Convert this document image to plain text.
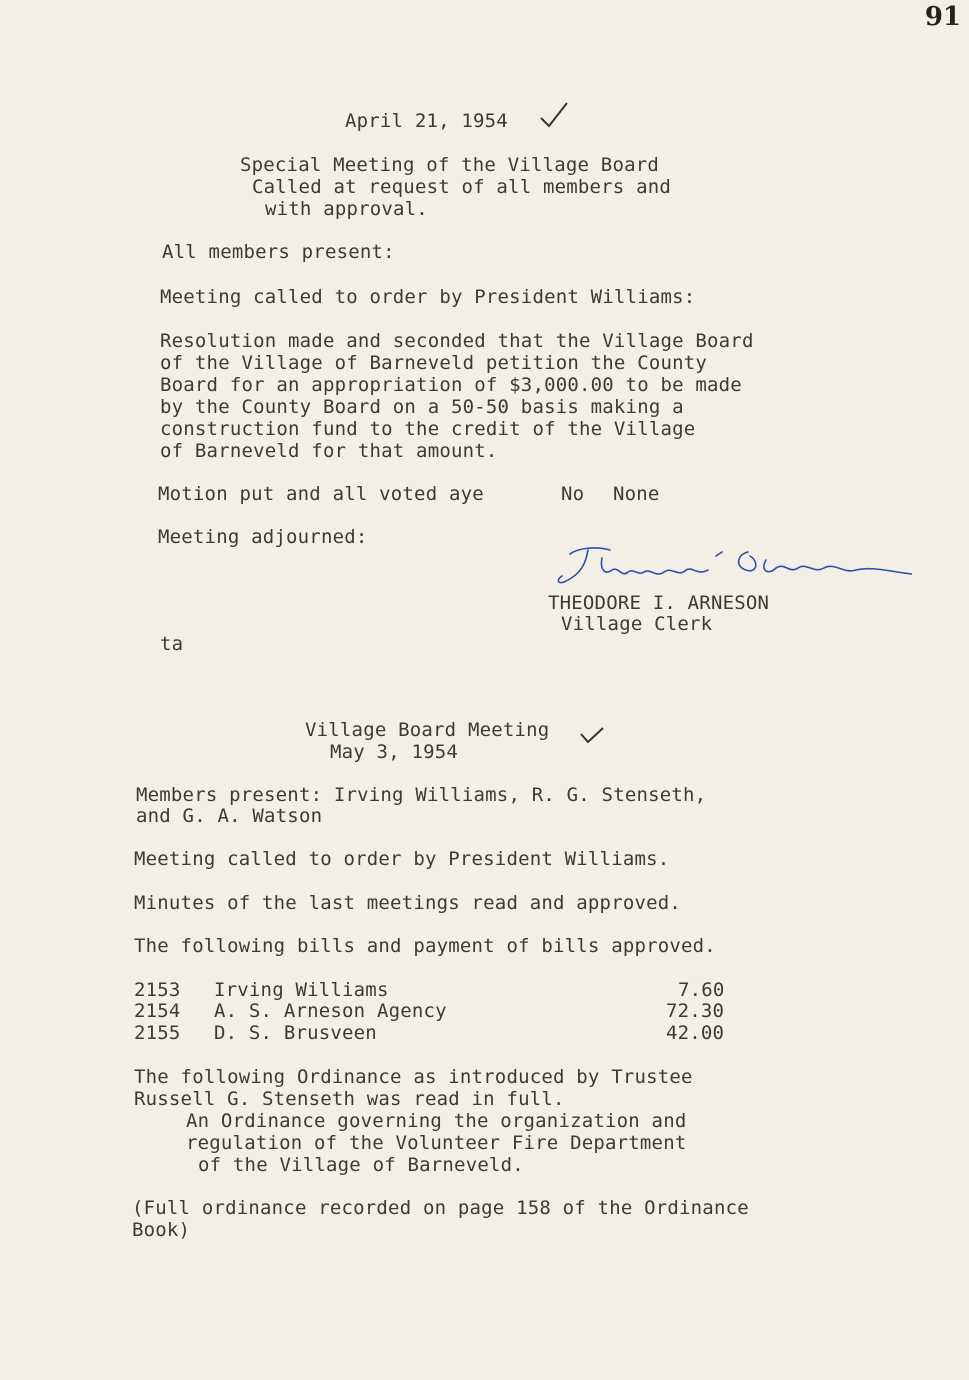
91
April 21, 1954
Special Meeting of the Village Board
Called at request of all members and
with approval.
All members present:
Meeting called to order by President Williams:
Resolution made and seconded that the Village Board
of the Village of Barneveld petition the County
Board for an appropriation of $3,000.00 to be made
by the County Board on a 50-50 basis making a
construction fund to the credit of the Village
of Barneveld for that amount.
Motion put and all voted aye	No None
Meeting adjourned:
THEODORE I. ARNESON
Village Clerk
ta
Village Board Meeting
May 3, 1954
Members present: Irving Williams, R. G. Stenseth,
and G. A. Watson
Meeting called to order by President Williams.
Minutes of the last meetings read and approved.
The following bills and payment of bills approved.
2153 Irving Williams	7.60
2154 A. S. Arneson Agency	72.30
2155 D. S. Brusveen	42.00
The following Ordinance as introduced by Trustee
Russell G. Stenseth was read in full.
An Ordinance governing the organization and
regulation of the Volunteer Fire Department
of the Village of Barneveld.
(Full ordinance recorded on page 158 of the Ordinance
Book)
